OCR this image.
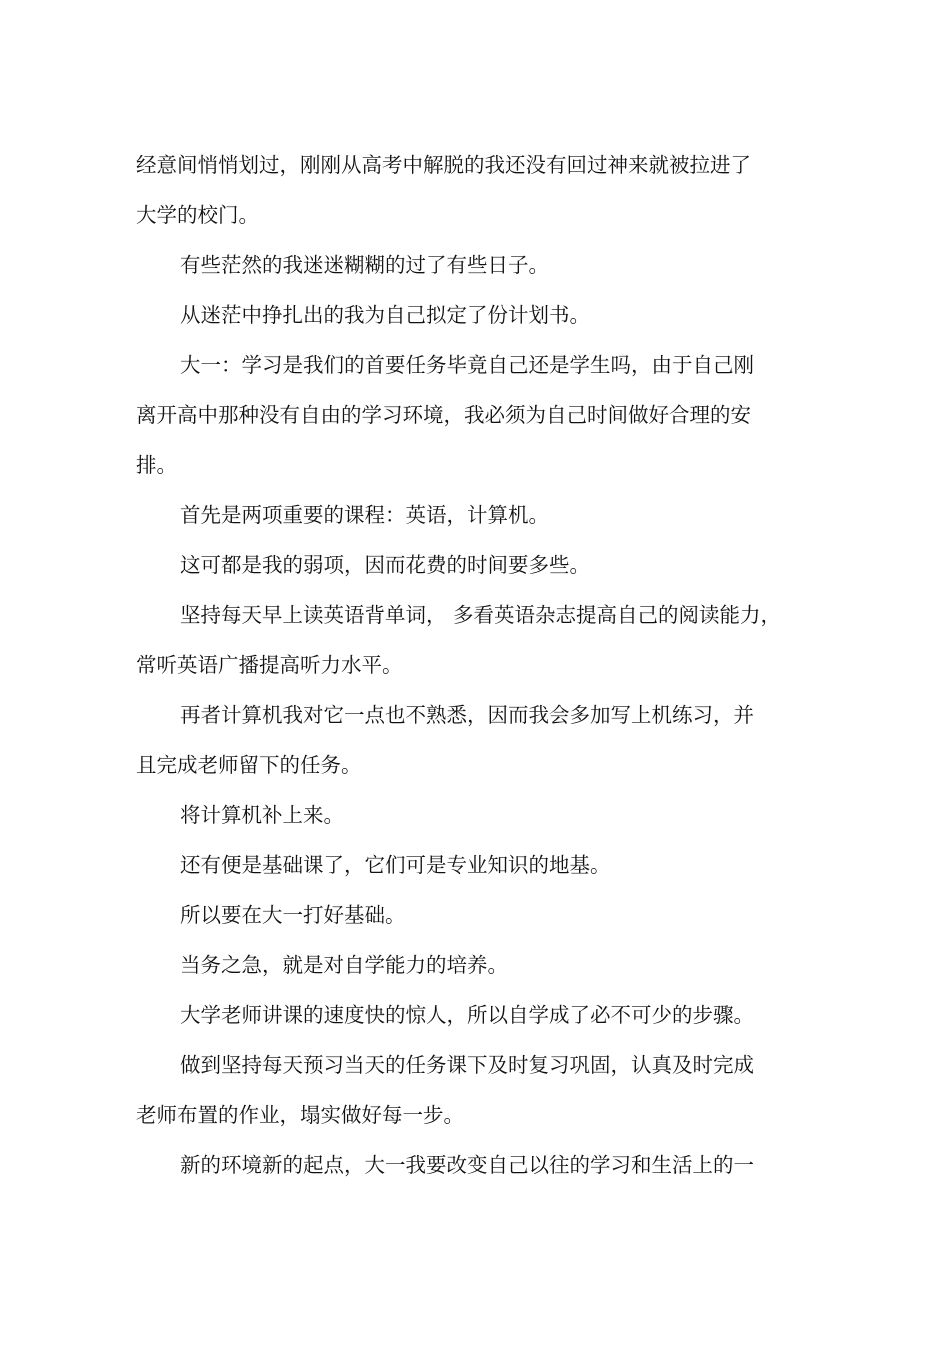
经意间悄悄划过，刚刚从高考中解脱的我还没有回过神来就被拉进了

大学的校门。

有些茫然的我迷迷糊糊的过了有些日子。

从迷茫中挣扎出的我为自己拟定了份计划书。

大一：学习是我们的首要任务毕竟自己还是学生吗，由于自己刚

离开高中那种没有自由的学习环境，我必须为自己时间做好合理的安

排。

首先是两项重要的课程：英语，计算机。

这可都是我的弱项，因而花费的时间要多些。

坚持每天早上读英语背单词， 多看英语杂志提高自己的阅读能力，

常听英语广播提高听力水平。

再者计算机我对它一点也不熟悉，因而我会多加写上机练习，并

且完成老师留下的任务。

将计算机补上来。

还有便是基础课了，它们可是专业知识的地基。

所以要在大一打好基础。

当务之急，就是对自学能力的培养。

大学老师讲课的速度快的惊人，所以自学成了必不可少的步骤。

做到坚持每天预习当天的任务课下及时复习巩固，认真及时完成

老师布置的作业，塌实做好每一步。

新的环境新的起点，大一我要改变自己以往的学习和生活上的一
